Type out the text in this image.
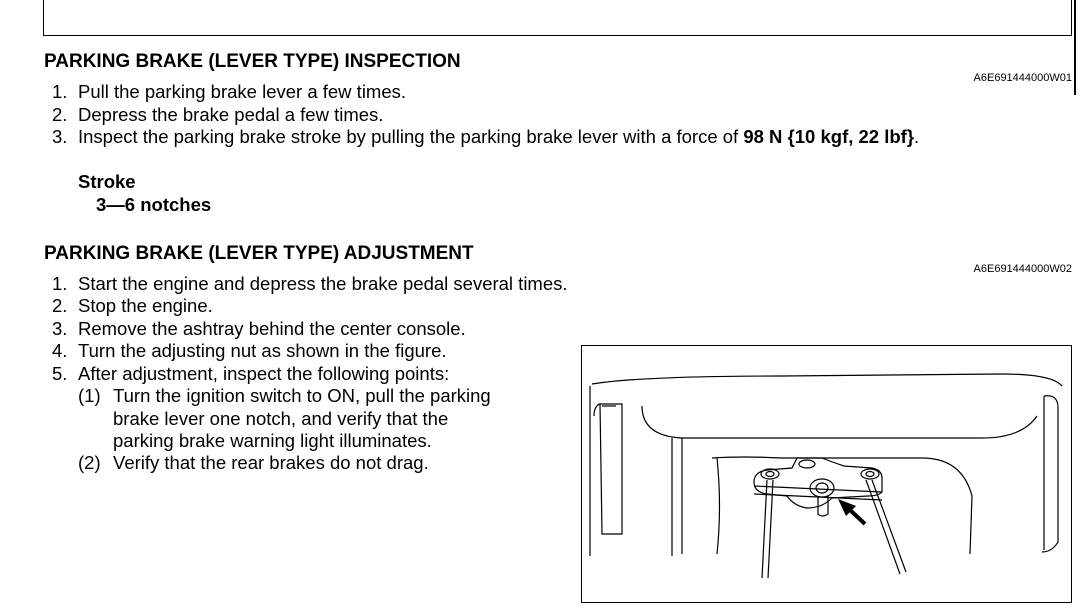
PARKING BRAKE (LEVER TYPE) INSPECTION
A6E691444000W01
1. Pull the parking brake lever a few times.
2. Depress the brake pedal a few times.
3. Inspect the parking brake stroke by pulling the parking brake lever with a force of 98 N {10 kgf, 22 lbf}.
Stroke
3—6 notches
PARKING BRAKE (LEVER TYPE) ADJUSTMENT
A6E691444000W02
1. Start the engine and depress the brake pedal several times.
2. Stop the engine.
3. Remove the ashtray behind the center console.
4. Turn the adjusting nut as shown in the figure.
5. After adjustment, inspect the following points:
(1) Turn the ignition switch to ON, pull the parking
brake lever one notch, and verify that the
parking brake warning light illuminates.
(2) Verify that the rear brakes do not drag.
